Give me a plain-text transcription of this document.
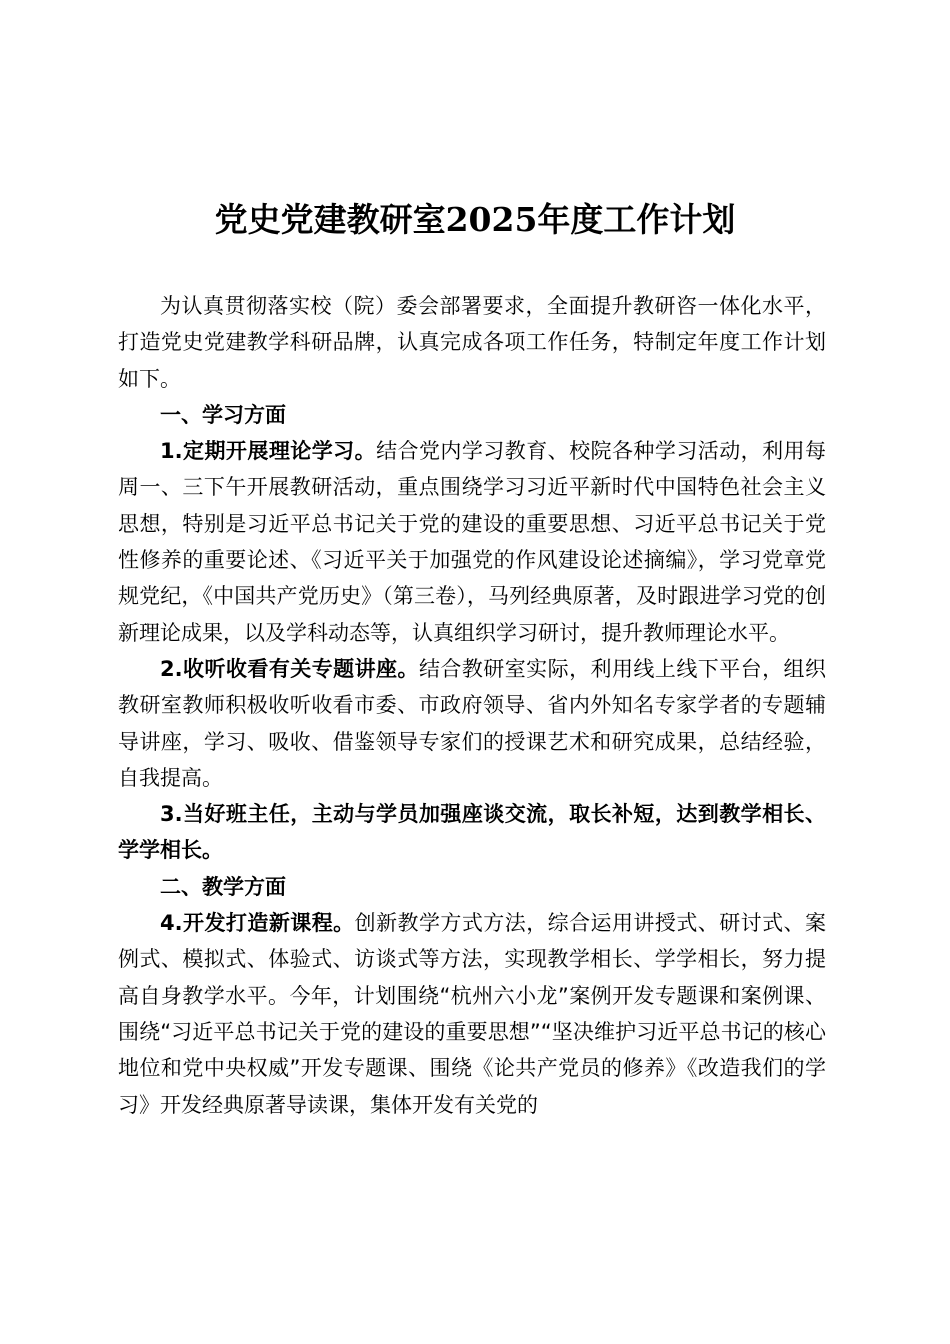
党史党建教研室2025年度工作计划

为认真贯彻落实校（院）委会部署要求，全面提升教研咨一体化水平，打造党史党建教学科研品牌，认真完成各项工作任务，特制定年度工作计划如下。

一、学习方面

1.定期开展理论学习。结合党内学习教育、校院各种学习活动，利用每周一、三下午开展教研活动，重点围绕学习习近平新时代中国特色社会主义思想，特别是习近平总书记关于党的建设的重要思想、习近平总书记关于党性修养的重要论述、《习近平关于加强党的作风建设论述摘编》，学习党章党规党纪，《中国共产党历史》（第三卷），马列经典原著，及时跟进学习党的创新理论成果，以及学科动态等，认真组织学习研讨，提升教师理论水平。

2.收听收看有关专题讲座。结合教研室实际，利用线上线下平台，组织教研室教师积极收听收看市委、市政府领导、省内外知名专家学者的专题辅导讲座，学习、吸收、借鉴领导专家们的授课艺术和研究成果，总结经验，自我提高。

3.当好班主任，主动与学员加强座谈交流，取长补短，达到教学相长、学学相长。

二、教学方面

4.开发打造新课程。创新教学方式方法，综合运用讲授式、研讨式、案例式、模拟式、体验式、访谈式等方法，实现教学相长、学学相长，努力提高自身教学水平。今年，计划围绕“杭州六小龙”案例开发专题课和案例课、围绕“习近平总书记关于党的建设的重要思想”“坚决维护习近平总书记的核心地位和党中央权威”开发专题课、围绕《论共产党员的修养》《改造我们的学习》开发经典原著导读课，集体开发有关党的
